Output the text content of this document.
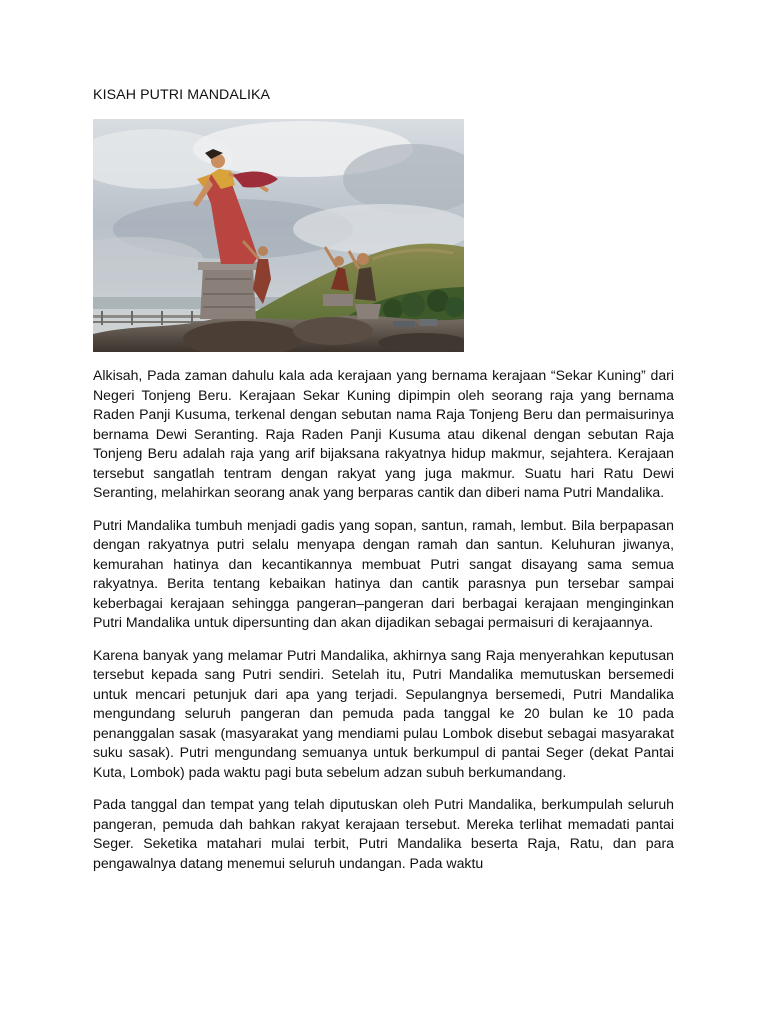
KISAH PUTRI MANDALIKA

Alkisah, Pada zaman dahulu kala ada kerajaan yang bernama kerajaan “Sekar Kuning” dari Negeri Tonjeng Beru. Kerajaan Sekar Kuning dipimpin oleh seorang raja yang bernama Raden Panji Kusuma, terkenal dengan sebutan nama Raja Tonjeng Beru dan permaisurinya bernama Dewi Seranting. Raja Raden Panji Kusuma atau dikenal dengan sebutan Raja Tonjeng Beru adalah raja yang arif bijaksana rakyatnya hidup makmur, sejahtera. Kerajaan tersebut sangatlah tentram dengan rakyat yang juga makmur. Suatu hari Ratu Dewi Seranting, melahirkan seorang anak yang berparas cantik dan diberi nama Putri Mandalika.

Putri Mandalika tumbuh menjadi gadis yang sopan, santun, ramah, lembut. Bila berpapasan dengan rakyatnya putri selalu menyapa dengan ramah dan santun. Keluhuran jiwanya, kemurahan hatinya dan kecantikannya membuat Putri sangat disayang sama semua rakyatnya. Berita tentang kebaikan hatinya dan cantik parasnya pun tersebar sampai keberbagai kerajaan sehingga pangeran–pangeran dari berbagai kerajaan menginginkan Putri Mandalika untuk dipersunting dan akan dijadikan sebagai permaisuri di kerajaannya.

Karena banyak yang melamar Putri Mandalika, akhirnya sang Raja menyerahkan keputusan tersebut kepada sang Putri sendiri. Setelah itu, Putri Mandalika memutuskan bersemedi untuk mencari petunjuk dari apa yang terjadi. Sepulangnya bersemedi, Putri Mandalika mengundang seluruh pangeran dan pemuda pada tanggal ke 20 bulan ke 10 pada penanggalan sasak (masyarakat yang mendiami pulau Lombok disebut sebagai masyarakat suku sasak). Putri mengundang semuanya untuk berkumpul di pantai Seger (dekat Pantai Kuta, Lombok) pada waktu pagi buta sebelum adzan subuh berkumandang.

Pada tanggal dan tempat yang telah diputuskan oleh Putri Mandalika, berkumpulah seluruh pangeran, pemuda dah bahkan rakyat kerajaan tersebut. Mereka terlihat memadati pantai Seger. Seketika matahari mulai terbit, Putri Mandalika beserta Raja, Ratu, dan para pengawalnya datang menemui seluruh undangan. Pada waktu
